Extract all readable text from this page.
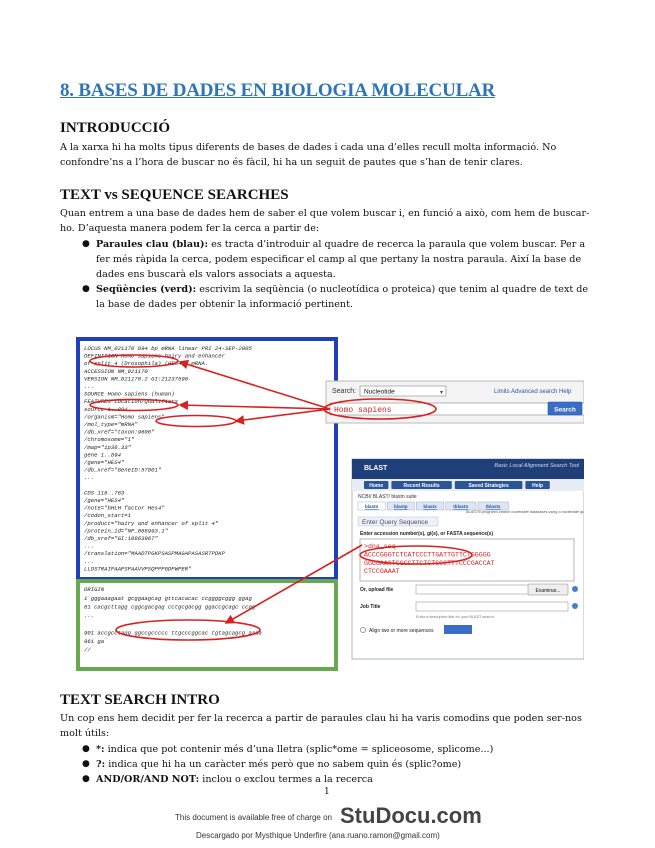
8. BASES DE DADES EN BIOLOGIA MOLECULAR
INTRODUCCIÓ
A la xarxa hi ha molts tipus diferents de bases de dades i cada una d’elles recull molta informació. No
confondre’ns a l’hora de buscar no és fàcil, hi ha un seguit de pautes que s’han de tenir clares.
TEXT vs SEQUENCE SEARCHES
Quan entrem a una base de dades hem de saber el que volem buscar i, en funció a això, com hem de buscar-
ho. D’aquesta manera podem fer la cerca a partir de:
● Paraules clau (blau): es tracta d’introduir al quadre de recerca la paraula que volem buscar. Per a
fer més ràpida la cerca, podem especificar el camp al que pertany la nostra paraula. Així la base de
dades ens buscarà els valors associats a aquesta.
● Seqüències (verd): escrivim la seqüència (o nucleotídica o proteica) que tenim al quadre de text de
la base de dades per obtenir la informació pertinent.
LOCUS NM_021170 894 bp mRNA linear PRI 24-SEP-2005
DEFINITION Homo sapiens hairy and enhancer
of split 4 (Drosophila) (HES4), mRNA.
ACCESSION NM_021170
VERSION NM_021170.2 GI:21237596
...
SOURCE Homo sapiens (human)
FEATURES Location/Qualifiers
source 1..894
/organism="Homo sapiens"
/mol_type="mRNA"
/db_xref="taxon:9606"
/chromosome="1"
/map="1p36.33"
gene 1..894
/gene="HES4"
/db_xref="GeneID:57801"
...
CDS 116..763
/gene="HES4"
/note="bHLH factor Hes4"
/codon_start=1
/product="hairy and enhancer of split 4"
/protein_id="NP_066993.1"
/db_xref="GI:10863967"
...
/translation="MAADTPGKPSASPMAGAPASASRTPDKP
...
LLDSTRAIPAAPSPAAVVPSQPPPGDPWPER"
ORIGIN
1 gggaaagaat gcggaagcag gttcacacac ccggggcggg ggag
61 cacgcttagg cggcgacgag cctgcgacgg ggaccgcagc ccgg
...
901 accgcctagg ggccgccccc ttgcccggcac tgtagcagcg aaaa
961 ga
//
Search: Nucleotide	▾	Limits Advanced search Help
Homo sapiens	Search
BLAST	Basic Local Alignment Search Tool
Home	Recent Results	Saved Strategies	Help
NCBI/ BLAST/ blastn suite
blastn	blastp	blastx	tblastn	tblastx
BLASTN programs search nucleotide databases using a nucleotide query
Enter Query Sequence
Enter accession number(s), gi(s), or FASTA sequence(s)
>dna_seq
ACCCGGGTCTCATCCCTTGATTGTTCTGGGGG
GGGGAACTCGCCTTCTCTGCCTTTCCCGACCAT
CTCCGAAAT
Or, upload file	Examinar...
Job Title
Enter a descriptive title for your BLAST search
Align two or more sequences
TEXT SEARCH INTRO
Un cop ens hem decidit per fer la recerca a partir de paraules clau hi ha varis comodins que poden ser-nos
molt útils:
● *: indica que pot contenir més d’una lletra (splic*ome = spliceosome, splicome...)
● ?: indica que hi ha un caràcter més però que no sabem quin és (splic?ome)
● AND/OR/AND NOT: inclou o exclou termes a la recerca
1
This document is available free of charge on StuDocu.com
Descargado por Mysthique Underfire (ana.ruano.ramon@gmail.com)
